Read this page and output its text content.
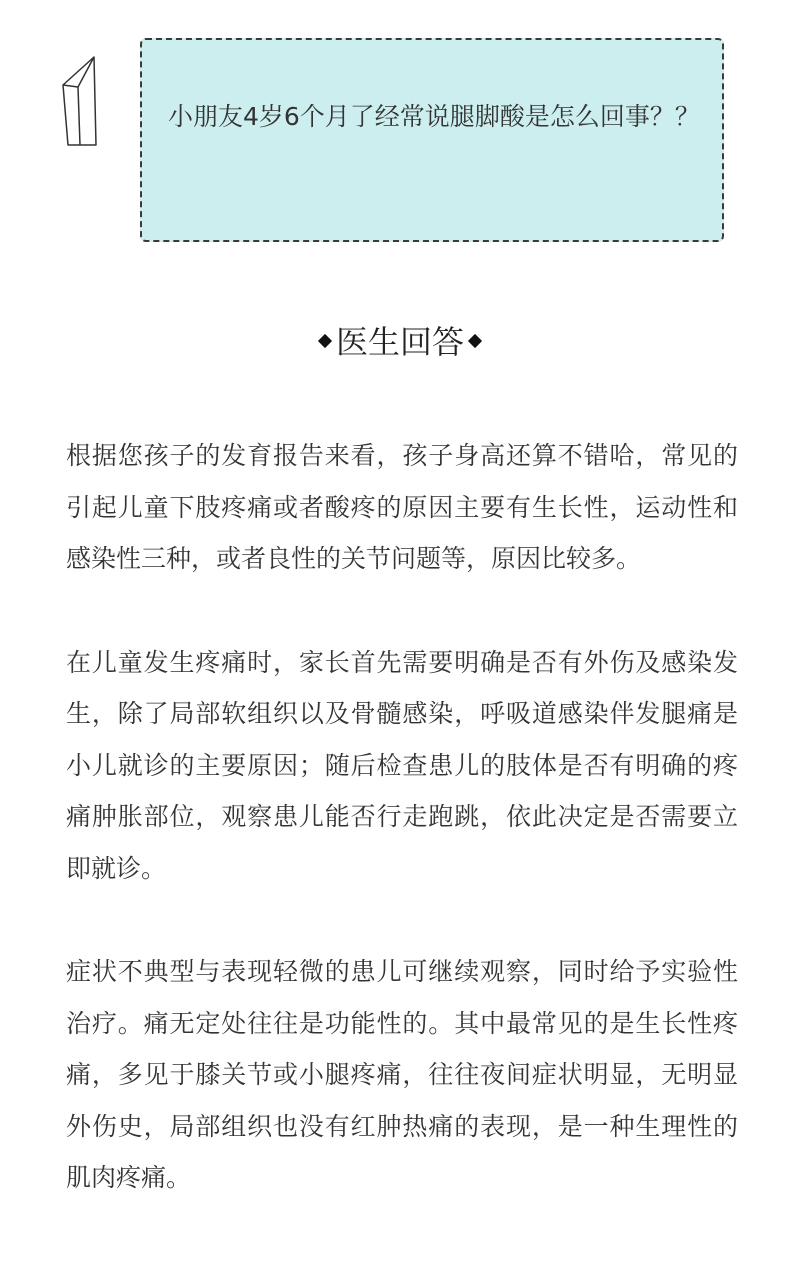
小朋友4岁6个月了经常说腿脚酸是怎么回事？？

医生回答

根据您孩子的发育报告来看，孩子身高还算不错哈，常见的引起儿童下肢疼痛或者酸疼的原因主要有生长性，运动性和感染性三种，或者良性的关节问题等，原因比较多。

在儿童发生疼痛时，家长首先需要明确是否有外伤及感染发生，除了局部软组织以及骨髓感染，呼吸道感染伴发腿痛是小儿就诊的主要原因；随后检查患儿的肢体是否有明确的疼痛肿胀部位，观察患儿能否行走跑跳，依此决定是否需要立即就诊。

症状不典型与表现轻微的患儿可继续观察，同时给予实验性治疗。痛无定处往往是功能性的。其中最常见的是生长性疼痛，多见于膝关节或小腿疼痛，往往夜间症状明显，无明显外伤史，局部组织也没有红肿热痛的表现，是一种生理性的肌肉疼痛。
